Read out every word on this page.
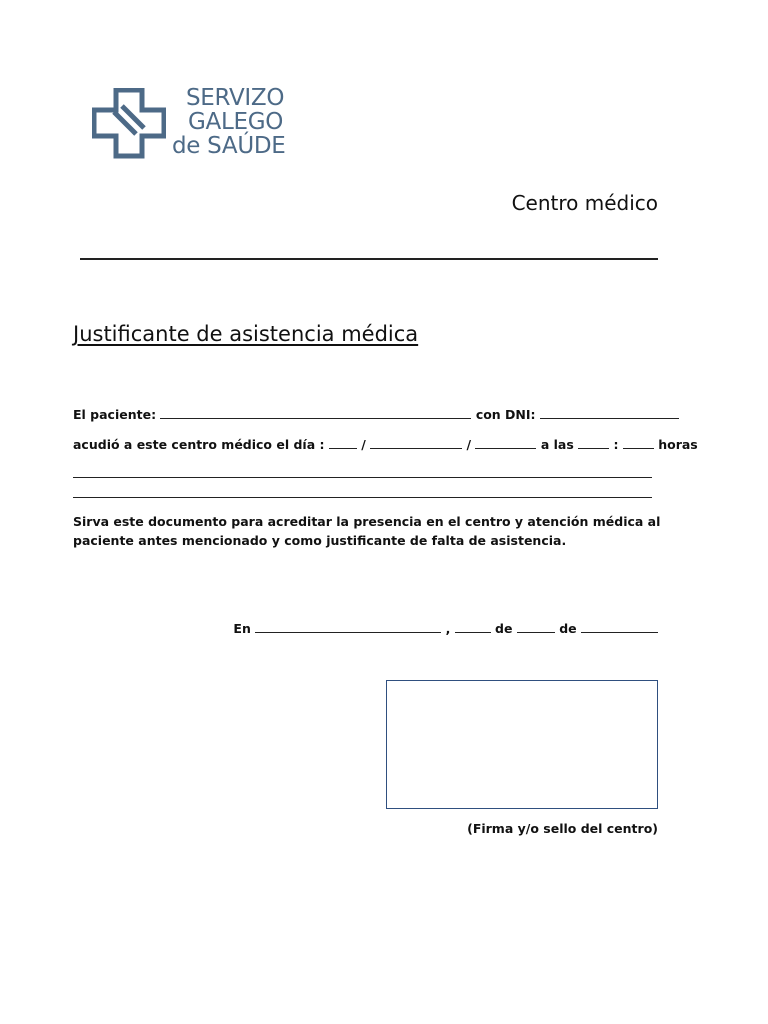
SERVIZO
GALEGO
de SAÚDE
Centro médico
Justificante de asistencia médica
El paciente:	con DNI:
acudió a este centro médico el día :	/	/	a las	:	horas
Sirva este documento para acreditar la presencia en el centro y atención médica al paciente antes mencionado y como justificante de falta de asistencia.
En	,	de	de
(Firma y/o sello del centro)
